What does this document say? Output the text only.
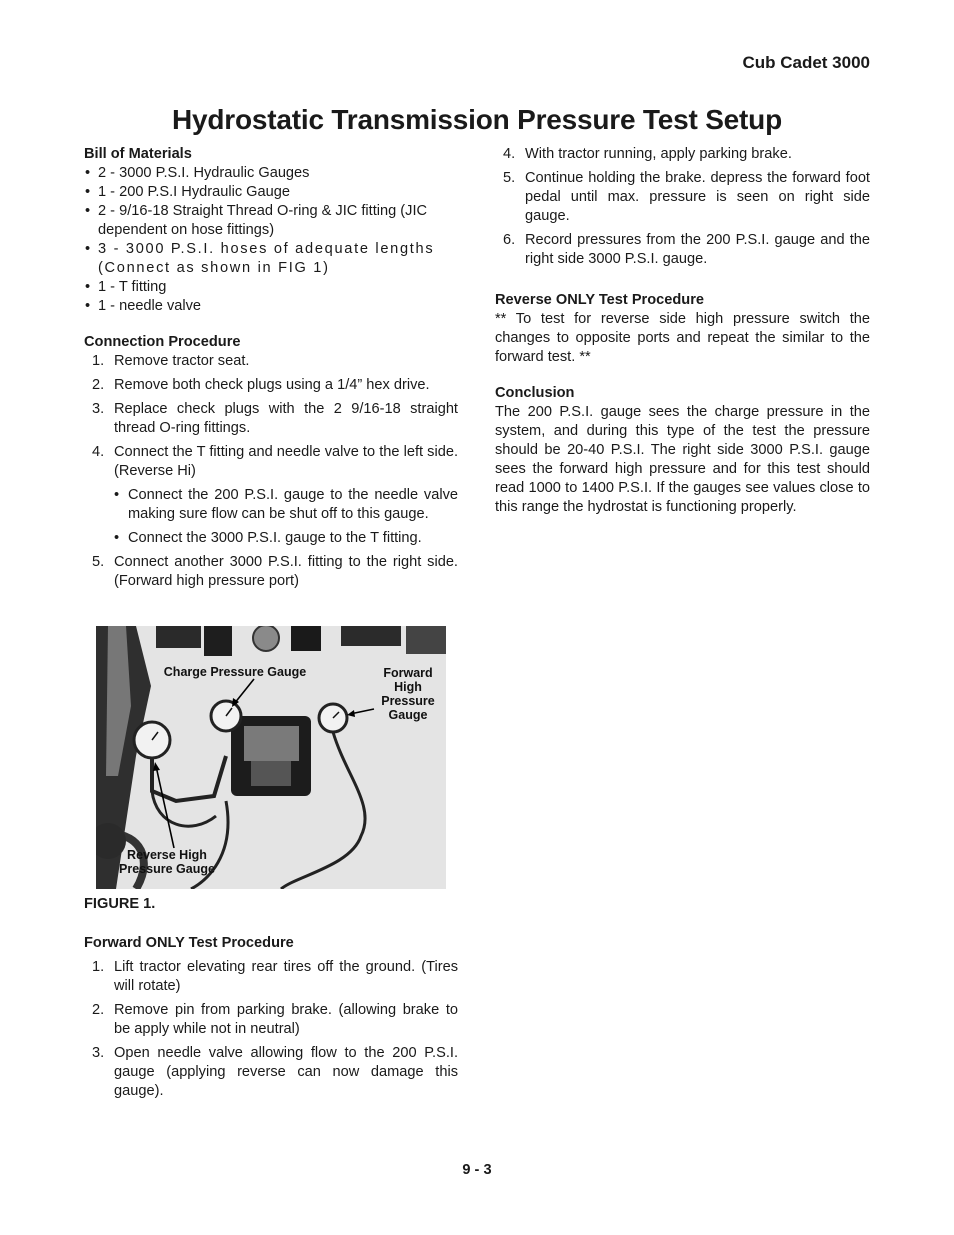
Cub Cadet 3000
Hydrostatic Transmission Pressure Test Setup

Bill of Materials

• 2 - 3000 P.S.I. Hydraulic Gauges
• 1 - 200 P.S.I Hydraulic Gauge
• 2 - 9/16-18 Straight Thread O-ring & JIC fitting (JIC dependent on hose fittings)
• 3 - 3000 P.S.I. hoses of adequate lengths (Connect as shown in FIG 1)
• 1 - T fitting
• 1 - needle valve

Connection Procedure

1. Remove tractor seat.
2. Remove both check plugs using a 1/4” hex drive.
3. Replace check plugs with the 2 9/16-18 straight thread O-ring fittings.
4. Connect the T fitting and needle valve to the left side. (Reverse Hi)
• Connect the 200 P.S.I. gauge to the needle valve making sure flow can be shut off to this gauge.
• Connect the 3000 P.S.I. gauge to the T fitting.
5. Connect another 3000 P.S.I. fitting to the right side. (Forward high pressure port)
Charge Pressure Gauge	Forward High Pressure Gauge
Reverse High Pressure Gauge
FIGURE 1.

Forward ONLY Test Procedure

1. Lift tractor elevating rear tires off the ground. (Tires will rotate)
2. Remove pin from parking brake. (allowing brake to be apply while not in neutral)
3. Open needle valve allowing flow to the 200 P.S.I. gauge (applying reverse can now damage this gauge).
4. With tractor running, apply parking brake.
5. Continue holding the brake. depress the forward foot pedal until max. pressure is seen on right side gauge.
6. Record pressures from the 200 P.S.I. gauge and the right side 3000 P.S.I. gauge.

Reverse ONLY Test Procedure

** To test for reverse side high pressure switch the changes to opposite ports and repeat the similar to the forward test. **

Conclusion

The 200 P.S.I. gauge sees the charge pressure in the system, and during this type of the test the pressure should be 20-40 P.S.I. The right side 3000 P.S.I. gauge sees the forward high pressure and for this test should read 1000 to 1400 P.S.I. If the gauges see values close to this range the hydrostat is functioning properly.

9 - 3
